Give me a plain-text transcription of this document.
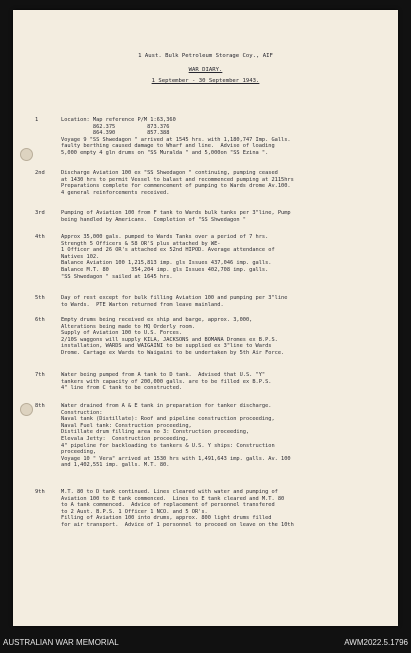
1 Aust. Bulk Petroleum Storage Coy., AIF
WAR DIARY.
1 September - 30 September 1943.
1	Location: Map reference P/M 1:63,360
862.375          873.376
864.390          857.388
Voyage 9 "SS Shwedagon " arrived at 1545 hrs. with 1,180,747 Imp. Galls.
faulty berthing caused damage to Wharf and line.  Advise of loading
5,000 empty 4 gln drums on "SS Muralda " and 5,000on "SS Ezina ".
2nd	Discharge Aviation 100 ex "SS Shwedagon " continuing, pumping ceased
at 1430 hrs to permit Vessel to balast and recommenced pumping at 2115hrs
Preparations complete for commencement of pumping to Wards drome Av.100.
4 general reinforcements received.
3rd	Pumping of Aviation 100 from F tank to Wards bulk tanks per 3"line, Pump
being handled by Americans.  Completion of "SS Shwedagon "
4th	Approx 35,000 gals. pumped to Wards Tanks over a period of 7 hrs.
Strength 5 Officers & 58 OR'S plus attached by WE-
1 Officer and 26 OR's attached ex 52nd HIPOD. Average attendance of
Natives 102.
Balance Aviation 100 1,215,813 imp. gls Issues 437,046 imp. galls.
Balance M.T. 80       354,204 imp. gls Issues 402,708 imp. galls.
"SS Shwedagon " sailed at 1645 hrs.
5th	Day of rest except for bulk filling Aviation 100 and pumping per 3"line
to Wards.  PTE Warton returned from leave mainland.
6th	Empty drums being received ex ship and barge, approx. 3,000,
Alterations being made to HQ Orderly room.
Supply of Aviation 100 to U.S. Forces.
2/10S waggons will supply KILA, JACKSONS and BOMANA Dromes ex B.P.S.
installation, WARDS and WAIGAINI to be supplied ex 3"line to Wards
Drome. Cartage ex Wards to Waigaini to be undertaken by 5th Air Force.
7th	Water being pumped from A tank to D tank.  Advised that U.S. "Y"
tankers with capacity of 200,000 galls. are to be filled ex B.P.S.
4" line from C tank to be constructed.
8th	Water drained from A & E tank in preparation for tanker discharge.
Construction:
Naval tank (Distillate): Roof and pipeline construction proceeding,
Naval Fuel tank: Construction proceeding,
Distillate drum filling area no 3: Construction proceeding,
Elevala Jetty:  Construction proceeding,
4" pipeline for backloading to tankers & U.S. Y ships: Construction
proceeding,
Voyage 10 " Vera" arrived at 1530 hrs with 1,491,643 imp. galls. Av. 100
and 1,402,551 imp. galls. M.T. 80.
9th	M.T. 80 to D tank continued. Lines cleared with water and pumping of
Aviation 100 to E tank commenced.  Lines to E tank cleared and M.T. 80
to A tank commenced.  Advice of replacement of personnel transfered
to 2 Aust. B.P.S. 1 Officer 1 NCO. and 5 OR's.
Filling of Aviation 100 into drums, approx. 800 light drums filled
for air transport.  Advice of 1 personnel to proceed on leave on the 10th
AUSTRALIAN WAR MEMORIAL	AWM2022.5.1796
